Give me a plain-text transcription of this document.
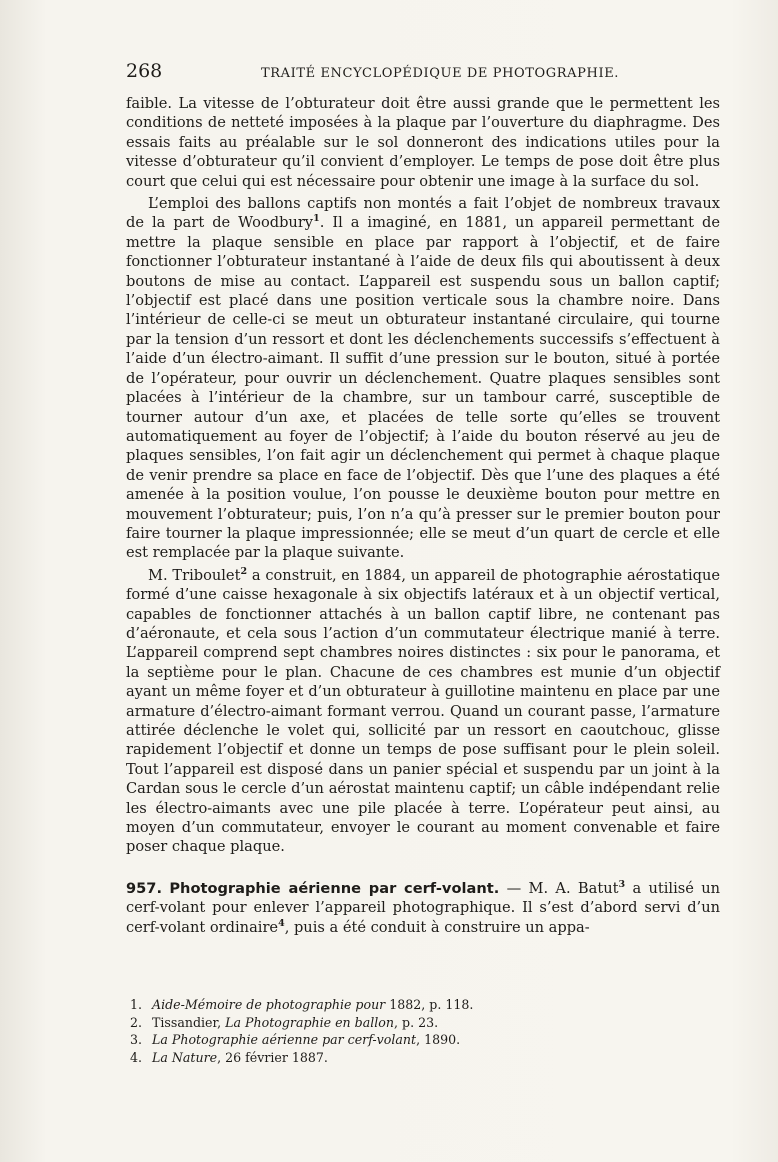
268	TRAITÉ ENCYCLOPÉDIQUE DE PHOTOGRAPHIE.

faible. La vitesse de l’obturateur doit être aussi grande que le permettent les conditions de netteté imposées à la plaque par l’ouverture du diaphragme. Des essais faits au préalable sur le sol donneront des indications utiles pour la vitesse d’obturateur qu’il convient d’employer. Le temps de pose doit être plus court que celui qui est nécessaire pour obtenir une image à la surface du sol.

L’emploi des ballons captifs non montés a fait l’objet de nombreux travaux de la part de Woodbury$^1$. Il a imaginé, en 1881, un appareil permettant de mettre la plaque sensible en place par rapport à l’objectif, et de faire fonctionner l’obturateur instantané à l’aide de deux fils qui aboutissent à deux boutons de mise au contact. L’appareil est suspendu sous un ballon captif; l’objectif est placé dans une position verticale sous la chambre noire. Dans l’intérieur de celle-ci se meut un obturateur instantané circulaire, qui tourne par la tension d’un ressort et dont les déclenchements successifs s’effectuent à l’aide d’un électro-aimant. Il suffit d’une pression sur le bouton, situé à portée de l’opérateur, pour ouvrir un déclenchement. Quatre plaques sensibles sont placées à l’intérieur de la chambre, sur un tambour carré, susceptible de tourner autour d’un axe, et placées de telle sorte qu’elles se trouvent automatiquement au foyer de l’objectif; à l’aide du bouton réservé au jeu de plaques sensibles, l’on fait agir un déclenchement qui permet à chaque plaque de venir prendre sa place en face de l’objectif. Dès que l’une des plaques a été amenée à la position voulue, l’on pousse le deuxième bouton pour mettre en mouvement l’obturateur; puis, l’on n’a qu’à presser sur le premier bouton pour faire tourner la plaque impressionnée; elle se meut d’un quart de cercle et elle est remplacée par la plaque suivante.

M. Triboulet$^2$ a construit, en 1884, un appareil de photographie aérostatique formé d’une caisse hexagonale à six objectifs latéraux et à un objectif vertical, capables de fonctionner attachés à un ballon captif libre, ne contenant pas d’aéronaute, et cela sous l’action d’un commutateur électrique manié à terre. L’appareil comprend sept chambres noires distinctes : six pour le panorama, et la septième pour le plan. Chacune de ces chambres est munie d’un objectif ayant un même foyer et d’un obturateur à guillotine maintenu en place par une armature d’électro-aimant formant verrou. Quand un courant passe, l’armature attirée déclenche le volet qui, sollicité par un ressort en caoutchouc, glisse rapidement l’objectif et donne un temps de pose suffisant pour le plein soleil. Tout l’appareil est disposé dans un panier spécial et suspendu par un joint à la Cardan sous le cercle d’un aérostat maintenu captif; un câble indépendant relie les électro-aimants avec une pile placée à terre. L’opérateur peut ainsi, au moyen d’un commutateur, envoyer le courant au moment convenable et faire poser chaque plaque.

957. Photographie aérienne par cerf-volant. — M. A. Batut$^3$ a utilisé un cerf-volant pour enlever l’appareil photographique. Il s’est d’abord servi d’un cerf-volant ordinaire$^4$, puis a été conduit à construire un appa-

1. Aide-Mémoire de photographie pour 1882, p. 118.
2. Tissandier, La Photographie en ballon, p. 23.
3. La Photographie aérienne par cerf-volant, 1890.
4. La Nature, 26 février 1887.
